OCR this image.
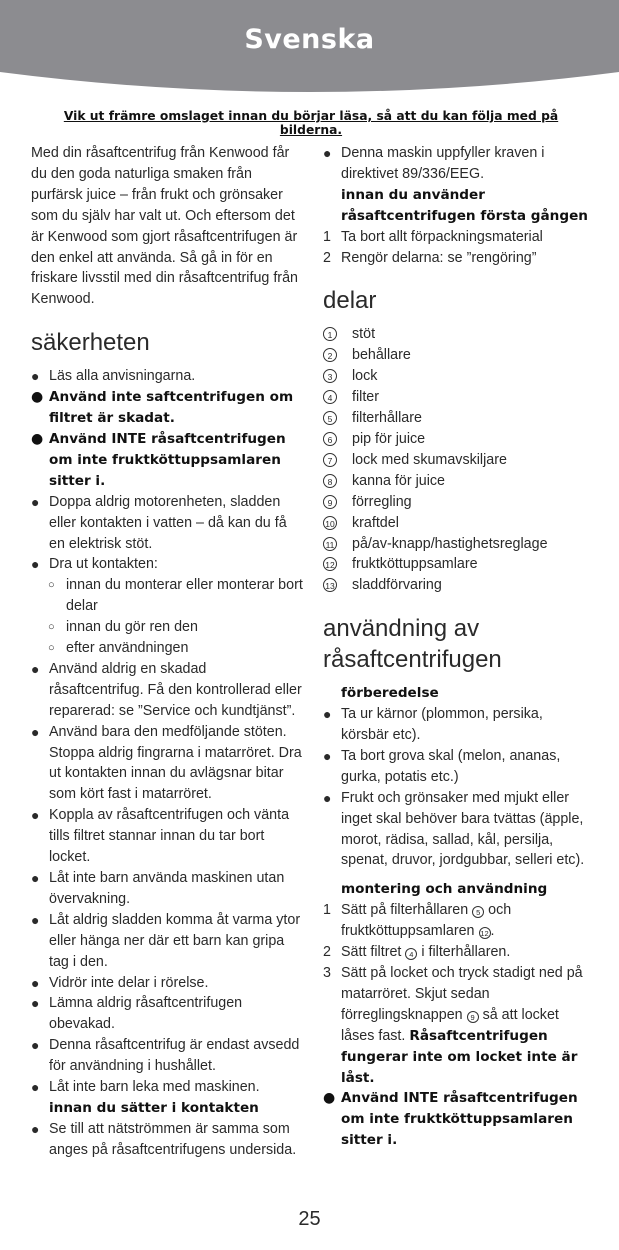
Svenska
Vik ut främre omslaget innan du börjar läsa, så att du kan följa med på bilderna.

Med din råsaftcentrifug från Kenwood får du den goda naturliga smaken från purfärsk juice – från frukt och grönsaker som du själv har valt ut. Och eftersom det är Kenwood som gjort råsaftcentrifugen är den enkel att använda. Så gå in för en friskare livsstil med din råsaftcentrifug från Kenwood.

säkerheten
● Läs alla anvisningarna.
● Använd inte saftcentrifugen om filtret är skadat.
● Använd INTE råsaftcentrifugen om inte fruktköttuppsamlaren sitter i.
● Doppa aldrig motorenheten, sladden eller kontakten i vatten – då kan du få en elektrisk stöt.
● Dra ut kontakten:
○ innan du monterar eller monterar bort delar
○ innan du gör ren den
○ efter användningen
● Använd aldrig en skadad råsaftcentrifug. Få den kontrollerad eller reparerad: se ”Service och kundtjänst”.
● Använd bara den medföljande stöten. Stoppa aldrig fingrarna i matarröret. Dra ut kontakten innan du avlägsnar bitar som kört fast i matarröret.
● Koppla av råsaftcentrifugen och vänta tills filtret stannar innan du tar bort locket.
● Låt inte barn använda maskinen utan övervakning.
● Låt aldrig sladden komma åt varma ytor eller hänga ner där ett barn kan gripa tag i den.
● Vidrör inte delar i rörelse.
● Lämna aldrig råsaftcentrifugen obevakad.
● Denna råsaftcentrifug är endast avsedd för användning i hushållet.
● Låt inte barn leka med maskinen.
innan du sätter i kontakten
● Se till att nätströmmen är samma som anges på råsaftcentrifugens undersida.
● Denna maskin uppfyller kraven i direktivet 89/336/EEG.
innan du använder råsaftcentrifugen första gången
1 Ta bort allt förpackningsmaterial
2 Rengör delarna: se ”rengöring”
delar
1	stöt
2	behållare
3	lock
4	filter
5	filterhållare
6	pip för juice
7	lock med skumavskiljare
8	kanna för juice
9	förregling
10 kraftdel
11 på/av-knapp/hastighetsreglage
12 fruktköttuppsamlare
13 sladdförvaring
användning av råsaftcentrifugen
förberedelse
● Ta ur kärnor (plommon, persika, körsbär etc).
● Ta bort grova skal (melon, ananas, gurka, potatis etc.)
● Frukt och grönsaker med mjukt eller inget skal behöver bara tvättas (äpple, morot, rädisa, sallad, kål, persilja, spenat, druvor, jordgubbar, selleri etc).
montering och användning
1 Sätt på filterhållaren 5 och fruktköttuppsamlaren 12 .
2 Sätt filtret 4 i filterhållaren.
3 Sätt på locket och tryck stadigt ned på matarröret. Skjut sedan förreglingsknappen 9 så att locket låses fast. Råsaftcentrifugen fungerar inte om locket inte är låst.
● Använd INTE råsaftcentrifugen om inte fruktköttuppsamlaren sitter i.
25
